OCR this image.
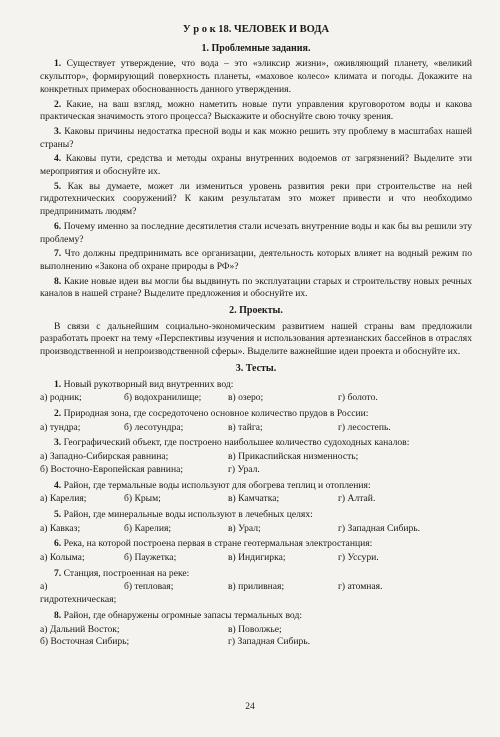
У р о к 18. ЧЕЛОВЕК И ВОДА
1. Проблемные задания.
1. Существует утверждение, что вода – это «эликсир жизни», оживляющий планету, «великий скульптор», формирующий поверхность планеты, «маховое колесо» климата и погоды. Докажите на конкретных примерах обоснованность данного утверждения.
2. Какие, на ваш взгляд, можно наметить новые пути управления круговоротом воды и какова практическая значимость этого процесса? Выскажите и обоснуйте свою точку зрения.
3. Каковы причины недостатка пресной воды и как можно решить эту проблему в масштабах нашей страны?
4. Каковы пути, средства и методы охраны внутренних водоемов от загрязнений? Выделите эти мероприятия и обоснуйте их.
5. Как вы думаете, может ли измениться уровень развития реки при строительстве на ней гидротехнических сооружений? К каким результатам это может привести и что необходимо предпринимать людям?
6. Почему именно за последние десятилетия стали исчезать внутренние воды и как бы вы решили эту проблему?
7. Что должны предпринимать все организации, деятельность которых влияет на водный режим по выполнению «Закона об охране природы в РФ»?
8. Какие новые идеи вы могли бы выдвинуть по эксплуатации старых и строительству новых речных каналов в нашей стране? Выделите предложения и обоснуйте их.
2. Проекты.
В связи с дальнейшим социально-экономическим развитием нашей страны вам предложили разработать проект на тему «Перспективы изучения и использования артезианских бассейнов в отраслях производственной и непроизводственной сферы». Выделите важнейшие идеи проекта и обоснуйте их.
3. Тесты.
1. Новый рукотворный вид внутренних вод:
а) родник;	б) водохранилище;	в) озеро;	г) болото.
2. Природная зона, где сосредоточено основное количество прудов в России:
а) тундра;	б) лесотундра;	в) тайга;	г) лесостепь.
3. Географический объект, где построено наибольшее количество судоходных каналов:
а) Западно-Сибирская равнина;	в) Прикаспийская низменность;
б) Восточно-Европейская равнина;	г) Урал.
4. Район, где термальные воды используют для обогрева теплиц и отопления:
а) Карелия;	б) Крым;	в) Камчатка;	г) Алтай.
5. Район, где минеральные воды используют в лечебных целях:
а) Кавказ;	б) Карелия;	в) Урал;	г) Западная Сибирь.
6. Река, на которой построена первая в стране геотермальная электростанция:
а) Колыма;	б) Паужетка;	в) Индигирка;	г) Уссури.
7. Станция, построенная на реке:
а) гидротехническая;
б) тепловая;	в) приливная;	г) атомная.
8. Район, где обнаружены огромные запасы термальных вод:
а) Дальний Восток;	в) Поволжье;
б) Восточная Сибирь;	г) Западная Сибирь.
24
